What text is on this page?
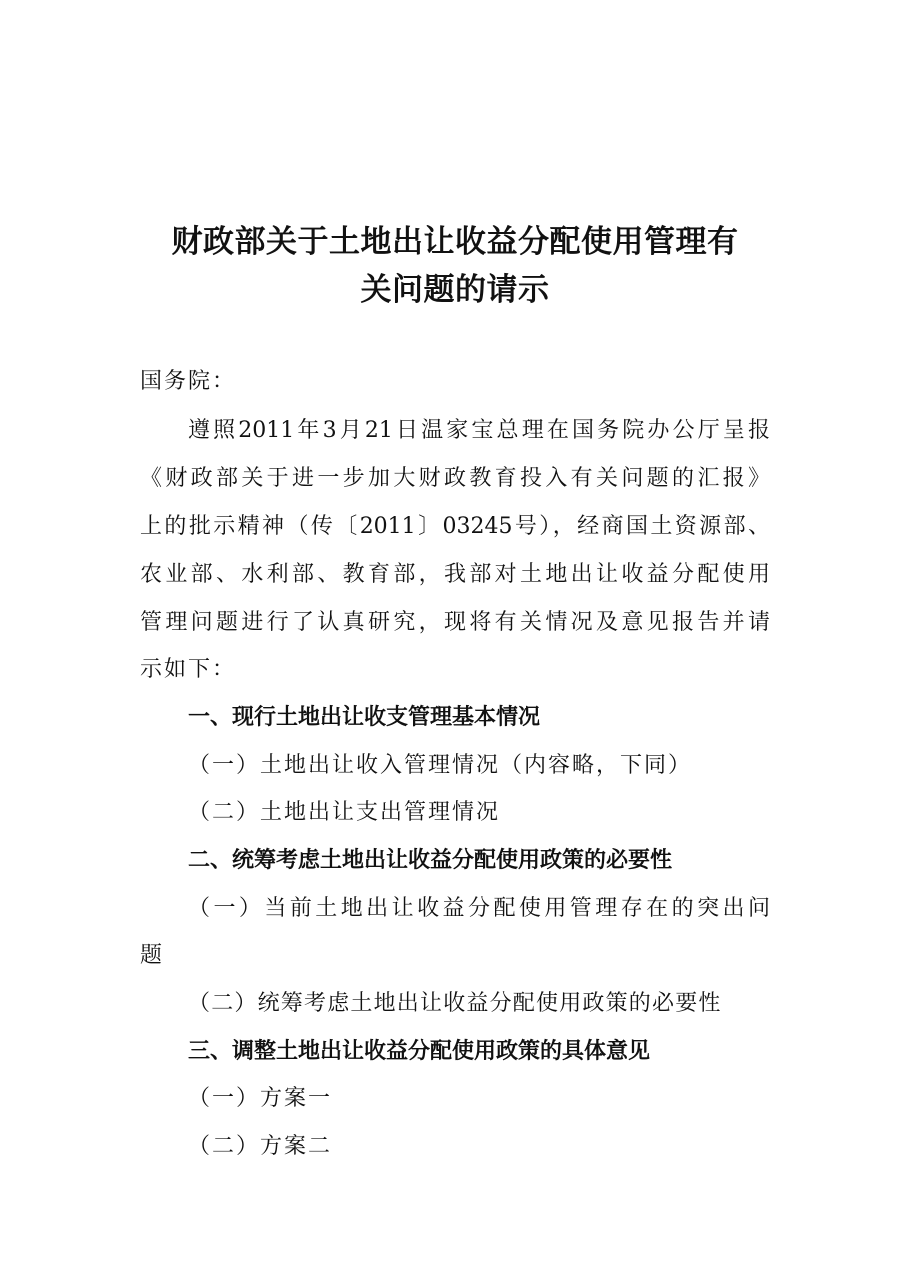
财政部关于土地出让收益分配使用管理有
关问题的请示
国务院：
遵照2011年3月21日温家宝总理在国务院办公厅呈报
《财政部关于进一步加大财政教育投入有关问题的汇报》
上的批示精神（传〔2011〕03245号），经商国土资源部、
农业部、水利部、教育部，我部对土地出让收益分配使用
管理问题进行了认真研究，现将有关情况及意见报告并请
示如下：
一、现行土地出让收支管理基本情况
（一）土地出让收入管理情况（内容略，下同）
（二）土地出让支出管理情况
二、统筹考虑土地出让收益分配使用政策的必要性
（一）当前土地出让收益分配使用管理存在的突出问
题
（二）统筹考虑土地出让收益分配使用政策的必要性
三、调整土地出让收益分配使用政策的具体意见
（一）方案一
（二）方案二
